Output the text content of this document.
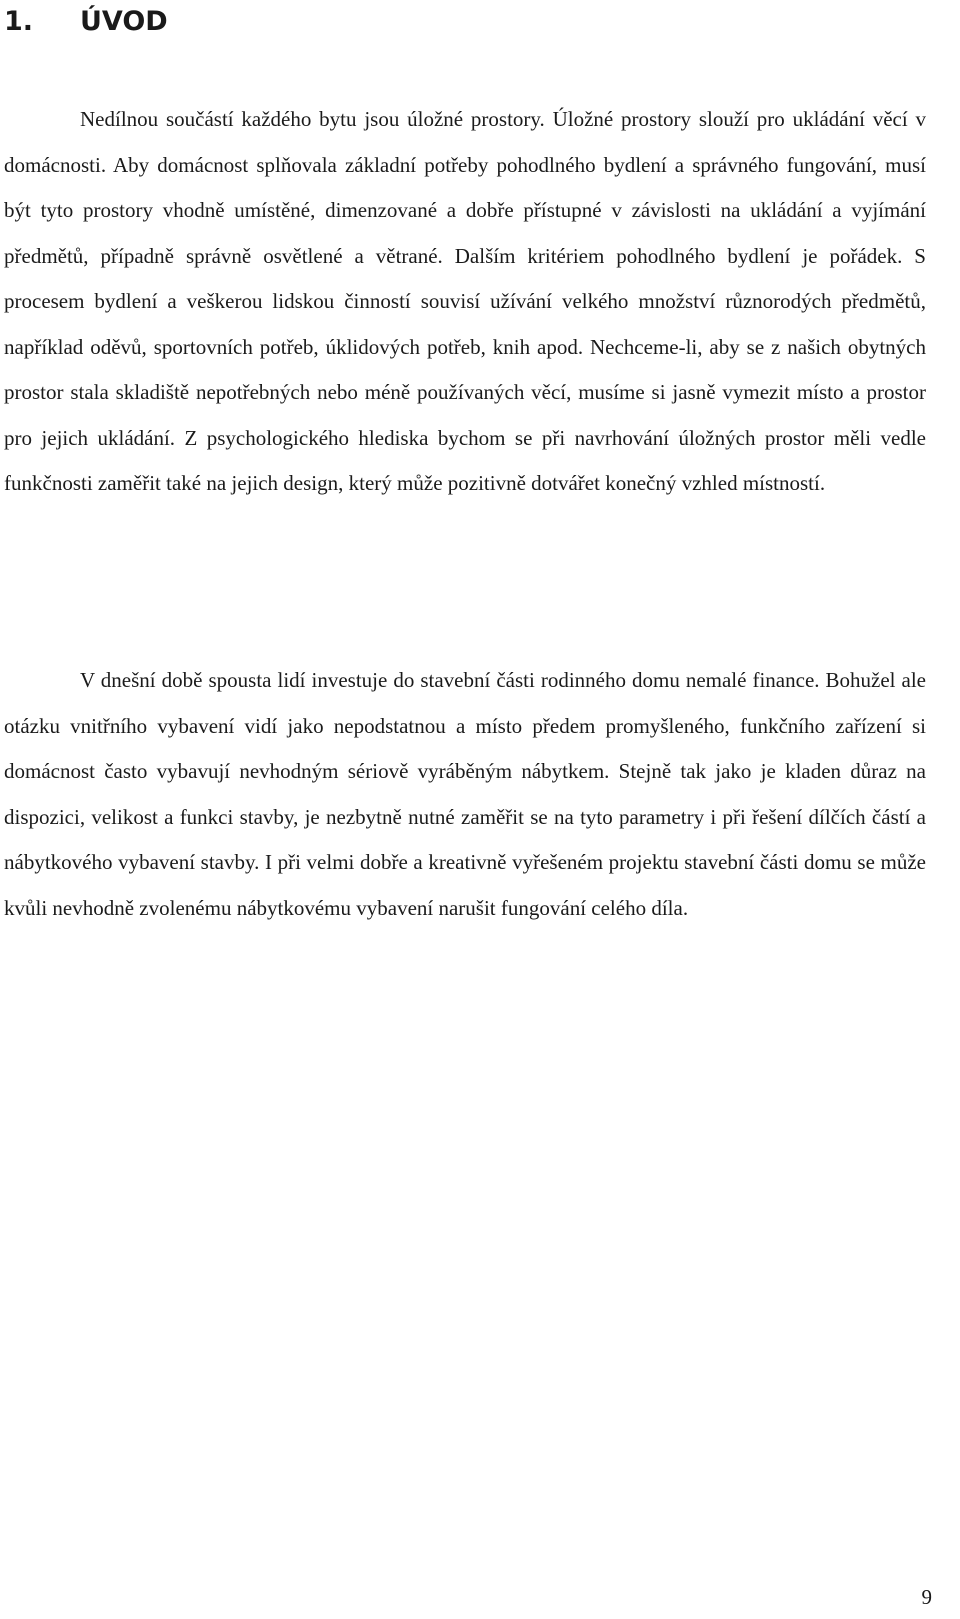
1. ÚVOD

Nedílnou součástí každého bytu jsou úložné prostory. Úložné prostory slouží pro ukládání věcí v domácnosti. Aby domácnost splňovala základní potřeby pohodlného bydlení a správného fungování, musí být tyto prostory vhodně umístěné, dimenzované a dobře přístupné v závislosti na ukládání a vyjímání předmětů, případně správně osvětlené a větrané. Dalším kritériem pohodlného bydlení je pořádek. S procesem bydlení a veškerou lidskou činností souvisí užívání velkého množství různorodých předmětů, například oděvů, sportovních potřeb, úklidových potřeb, knih apod. Nechceme-li, aby se z našich obytných prostor stala skladiště nepotřebných nebo méně používaných věcí, musíme si jasně vymezit místo a prostor pro jejich ukládání. Z psychologického hlediska bychom se při navrhování úložných prostor měli vedle funkčnosti zaměřit také na jejich design, který může pozitivně dotvářet konečný vzhled místností.

V dnešní době spousta lidí investuje do stavební části rodinného domu nemalé finance. Bohužel ale otázku vnitřního vybavení vidí jako nepodstatnou a místo předem promyšleného, funkčního zařízení si domácnost často vybavují nevhodným sériově vyráběným nábytkem. Stejně tak jako je kladen důraz na dispozici, velikost a funkci stavby, je nezbytně nutné zaměřit se na tyto parametry i při řešení dílčích částí a nábytkového vybavení stavby. I při velmi dobře a kreativně vyřešeném projektu stavební části domu se může kvůli nevhodně zvolenému nábytkovému vybavení narušit fungování celého díla.

9
